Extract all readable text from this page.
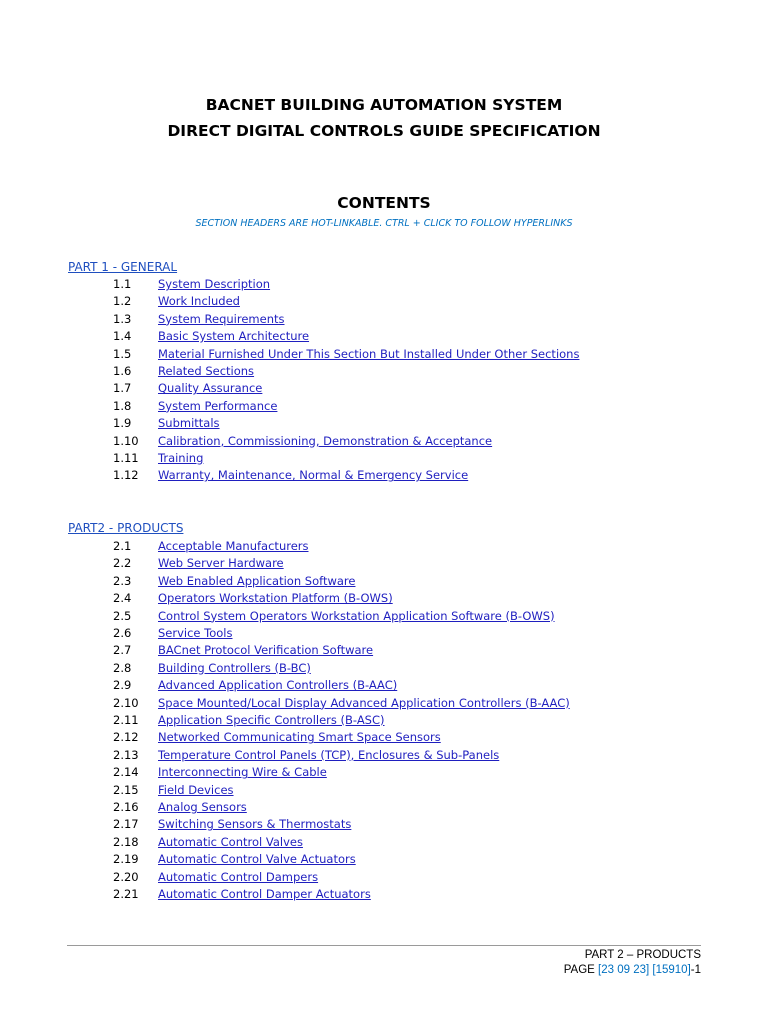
BACNET BUILDING AUTOMATION SYSTEM
DIRECT DIGITAL CONTROLS GUIDE SPECIFICATION
CONTENTS
SECTION HEADERS ARE HOT-LINKABLE. CTRL + CLICK TO FOLLOW HYPERLINKS
PART 1 - GENERAL
1.1 System Description
1.2 Work Included
1.3 System Requirements
1.4 Basic System Architecture
1.5 Material Furnished Under This Section But Installed Under Other Sections
1.6 Related Sections
1.7 Quality Assurance
1.8 System Performance
1.9 Submittals
1.10 Calibration, Commissioning, Demonstration & Acceptance
1.11 Training
1.12 Warranty, Maintenance, Normal & Emergency Service
PART2 - PRODUCTS
2.1 Acceptable Manufacturers
2.2 Web Server Hardware
2.3 Web Enabled Application Software
2.4 Operators Workstation Platform (B-OWS)
2.5 Control System Operators Workstation Application Software (B-OWS)
2.6 Service Tools
2.7 BACnet Protocol Verification Software
2.8 Building Controllers (B-BC)
2.9 Advanced Application Controllers (B-AAC)
2.10 Space Mounted/Local Display Advanced Application Controllers (B-AAC)
2.11 Application Specific Controllers (B-ASC)
2.12 Networked Communicating Smart Space Sensors
2.13 Temperature Control Panels (TCP), Enclosures & Sub-Panels
2.14 Interconnecting Wire & Cable
2.15 Field Devices
2.16 Analog Sensors
2.17 Switching Sensors & Thermostats
2.18 Automatic Control Valves
2.19 Automatic Control Valve Actuators
2.20 Automatic Control Dampers
2.21 Automatic Control Damper Actuators
PART 2 – PRODUCTS
PAGE [23 09 23] [15910]-1
